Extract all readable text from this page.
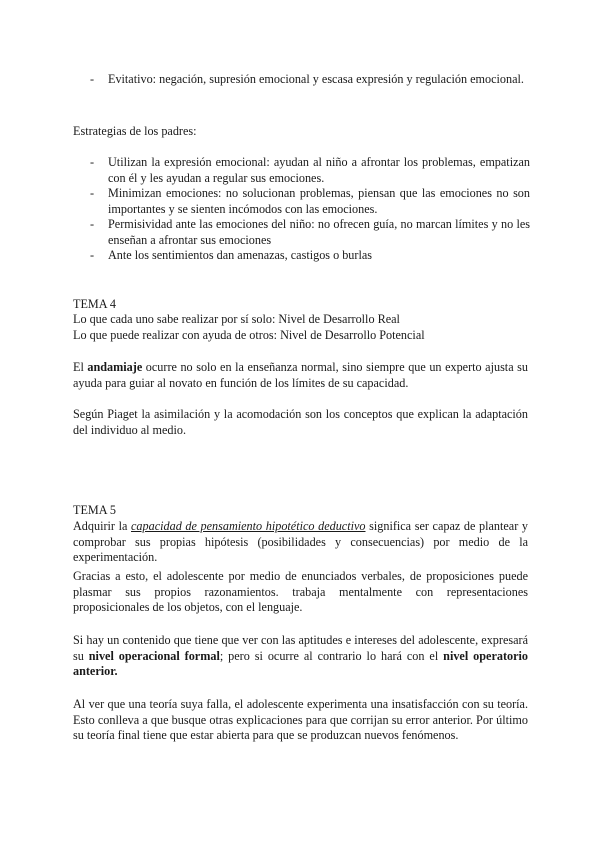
- Evitativo: negación, supresión emocional y escasa expresión y regulación emocional.

Estrategias de los padres:

- Utilizan la expresión emocional: ayudan al niño a afrontar los problemas, empatizan con él y les ayudan a regular sus emociones.
- Minimizan emociones: no solucionan problemas, piensan que las emociones no son importantes y se sienten incómodos con las emociones.
- Permisividad ante las emociones del niño: no ofrecen guía, no marcan límites y no les enseñan a afrontar sus emociones
- Ante los sentimientos dan amenazas, castigos o burlas

TEMA 4

Lo que cada uno sabe realizar por sí solo: Nivel de Desarrollo Real

Lo que puede realizar con ayuda de otros: Nivel de Desarrollo Potencial

El andamiaje ocurre no solo en la enseñanza normal, sino siempre que un experto ajusta su ayuda para guiar al novato en función de los límites de su capacidad.

Según Piaget la asimilación y la acomodación son los conceptos que explican la adaptación del individuo al medio.

TEMA 5

Adquirir la capacidad de pensamiento hipotético deductivo significa ser capaz de plantear y comprobar sus propias hipótesis (posibilidades y consecuencias) por medio de la experimentación.

Gracias a esto, el adolescente por medio de enunciados verbales, de proposiciones puede plasmar sus propios razonamientos. trabaja mentalmente con representaciones proposicionales de los objetos, con el lenguaje.

Si hay un contenido que tiene que ver con las aptitudes e intereses del adolescente, expresará su nivel operacional formal; pero si ocurre al contrario lo hará con el nivel operatorio anterior.

Al ver que una teoría suya falla, el adolescente experimenta una insatisfacción con su teoría. Esto conlleva a que busque otras explicaciones para que corrijan su error anterior. Por último su teoría final tiene que estar abierta para que se produzcan nuevos fenómenos.
